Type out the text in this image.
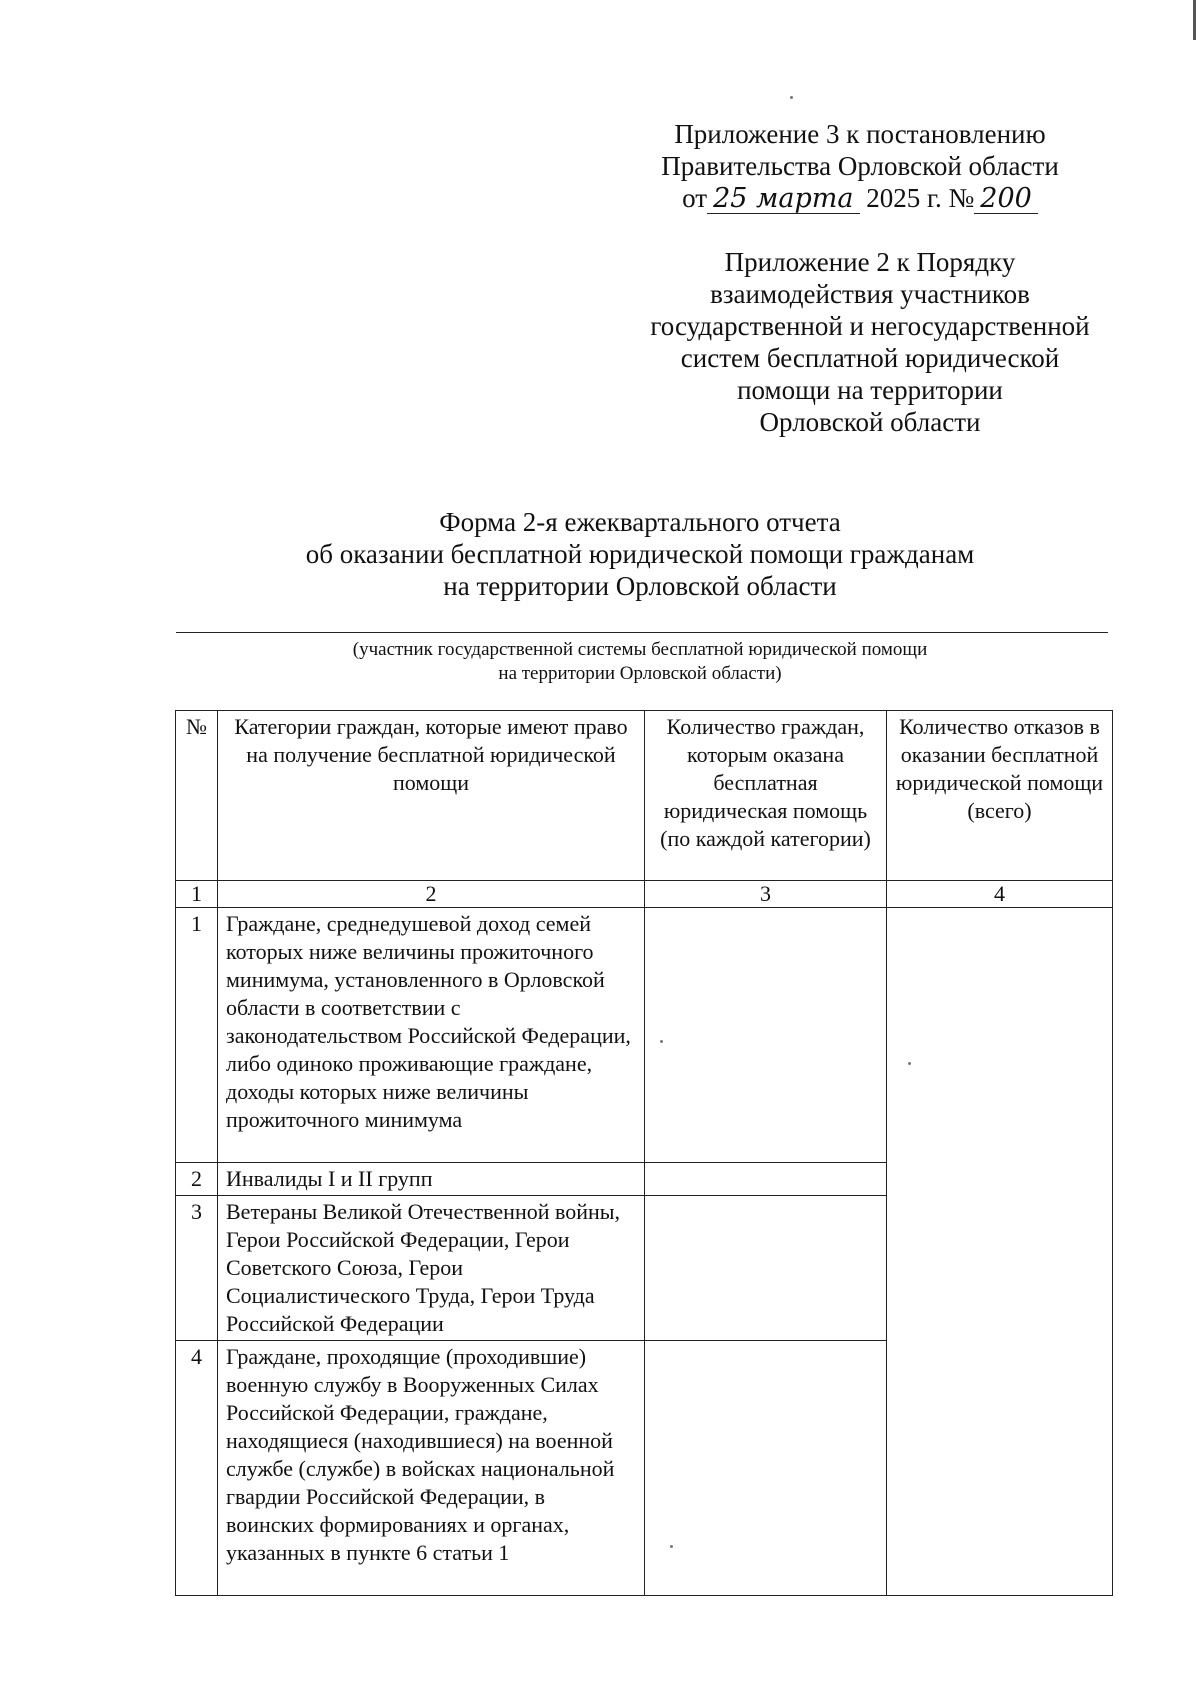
Приложение 3 к постановлению
Правительства Орловской области
от 25 марта 2025 г. № 200
Приложение 2 к Порядку
взаимодействия участников
государственной и негосударственной
систем бесплатной юридической
помощи на территории
Орловской области
Форма 2-я ежеквартального отчета
об оказании бесплатной юридической помощи гражданам
на территории Орловской области
(участник государственной системы бесплатной юридической помощи
на территории Орловской области)
№	Категории граждан, которые имеют право на получение бесплатной юридической помощи	Количество граждан, которым оказана бесплатная юридическая помощь (по каждой категории)	Количество отказов в оказании бесплатной юридической помощи (всего)
1	2	3	4
1	Граждане, среднедушевой доход семей которых ниже величины прожиточного минимума, установленного в Орловской области в соответствии с законодательством Российской Федерации, либо одиноко проживающие граждане, доходы которых ниже величины прожиточного минимума		
2	Инвалиды I и II групп		
3	Ветераны Великой Отечественной войны, Герои Российской Федерации, Герои Советского Союза, Герои Социалистического Труда, Герои Труда Российской Федерации		
4	Граждане, проходящие (проходившие) военную службу в Вооруженных Силах Российской Федерации, граждане, находящиеся (находившиеся) на военной службе (службе) в войсках национальной гвардии Российской Федерации, в воинских формированиях и органах, указанных в пункте 6 статьи 1		
